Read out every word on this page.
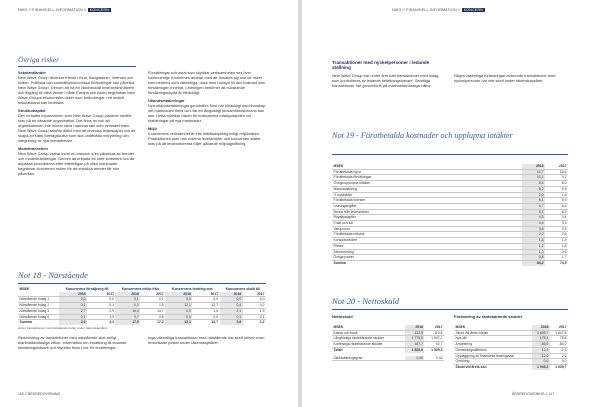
NWG // FINANSIELL INFORMATION // KONCERN
Övriga risker

Sekulantländer
New Wave Group tillverkar främst i Kina, Bangladesh, Vietnam och Indien. Politiska och samhällsekonomiska förändringar kan påverka New Wave Group. Genom att ha ett välutvecklat leverantörsnätverk och tillgång till olika länder i både Europa och Asien begränsas New Wave Groups ekonomiska risker som förändringar i ett enskilt sekulantland kan innebära.

Strukturkapital
Den fortsatta expansionen som New Wave Group planerat medför krav på en växande organisation. Det finns en risk att organisationen inte hinner växa i samma takt som verksamheten. New Wave Group arbetar aktivt med att utveckla ledarskapet och att skapa en stark företagskultur som ska underlätta rekrytering och integrering av nya medarbetare.

Modebranschen
New Wave Group verkar inom en bransch som påverkas av trender och modeförändringar. Genom att erbjuda ett brett sortiment och att anpassa produkterna efter efterfrågan på olika marknader begränsar koncernen risken för att enskilda trender får stor påverkan.

Försäkringar och avtal som skyddar verksamheten ses över kontinuerligt. Koncernen arbetar med att försäkra sig mot de risker som bedöms som väsentliga, dock med hänsyn till den kostnad som försäkringen innebär. Ledningen bedömer att nuvarande försäkringsskydd är tillräckligt.

Utlandsetableringar
Nya utlandsetableringar genomförs först när tillräckligt med kunskap om marknaden finns och när ett långsiktigt lönsamhetsscenario kan ses. Detta minskar risken för kostsamma misslyckanden vid etableringar på nya marknader.

Miljö
Koncernens verksamhet är inte tillståndspliktig enligt miljöbalken. Produktionen sker hos externa leverantörer och koncernen ställer krav på att leverantörerna följer gällande miljölagstiftning.

Not 18 - Närstående
MSEK	Koncernens försäljning till		Koncernens inköp från		Koncernens fordring mot		Koncernens skuld till	
	2018	2017	2018	2017	2018	2017	2018	2017
Närstående bolag 1	0,0	0,0	0,1	0,1	0,0	0,0	0,0	0,0
Närstående bolag 2	0,1	0,1	0,3	1,8	12,1	12,7	0,4	0,2
Närstående bolag 3	2,7	2,9	16,4	14,7	0,0	1,0	2,1	1,9
Närstående bolag 4	0,1	1,3	0,7	0,6	0,0	0,0	0,1	0,1
Summa	2,9	4,3	17,5	17,2	12,1	13,7	2,6	2,2
Avser transaktioner med närstående bolag under räkenskapsåret.
Redovisning av transaktioner med närstående sker enligt marknadsmässiga villkor. Information om ersättning till ledande befattningshavare och styrelse finns i not för ersättningar.
Inga väsentliga transaktioner med närstående har skett utöver ovan redovisade poster under räkenskapsåret.
116 // ÅRSREDOVISNING
NWG // FINANSIELL INFORMATION // KONCERN
Transaktioner med nyckelpersoner i ledande ställning
New Wave Group har under året haft transaktioner med bolag som kontrolleras av ledande befattningshavare. Samtliga transaktioner har genomförts på marknadsmässiga villkor.
Några väsentliga förändringar avseende transaktioner med nyckelpersoner har inte skett under räkenskapsåret.
Not 19 - Förutbetalda kostnader och upplupna intäkter
MSEK	2018	2017
Förutbetalda hyror	14,7	13,6
Förutbetalda försäkringar	10,1	9,2
Övriga upplupna intäkter	8,4	8,0
Marknadsföring	8,2	6,5
IT-kostnader	2,0	1,6
Förutbetalda licenser	5,1	5,9
Leasingavgifter	4,7	4,4
Bonus från leverantörer	4,7	6,2
Royaltyavgifter	4,5	3,6
Frakt och tull	4,4	3,9
Varuprover	3,8	3,5
Förutbetalda mässor	2,2	2,6
Konsultarvoden	1,8	1,9
Räntor	1,2	1,8
Abonnemang	1,0	0,6
Övriga poster	0,8	1,7
Summa	84,2	74,5
Not 20 - Nettoskuld
Nettoskuld
MSEK	2018	2017
Kassa och bank	-112,5	-110,5
Långfristiga räntebärande skulder	1 775,5	1 547,1
Kortfristiga räntebärande skulder	167,7	92,7
Totalt	1 830,6	1 529,3

Skuldsättningsgrad	0,45	0,42
Förändring av räntebärande skulder
MSEK	2018	2017
Skuld vid årets början	1 639,7	1 647,8
Nya lån	175,4	75,6
Amortering	-56,9	-84,0
Omräkningsdifferens	12,9	-2,3
Uppläggning av finansiella leasingavtal	12,0	2,6
Omföring	0,0	0,0
Skuld vid årets slut	1 943,2	1 639,7
ÅRSREDOVISNING // 117
